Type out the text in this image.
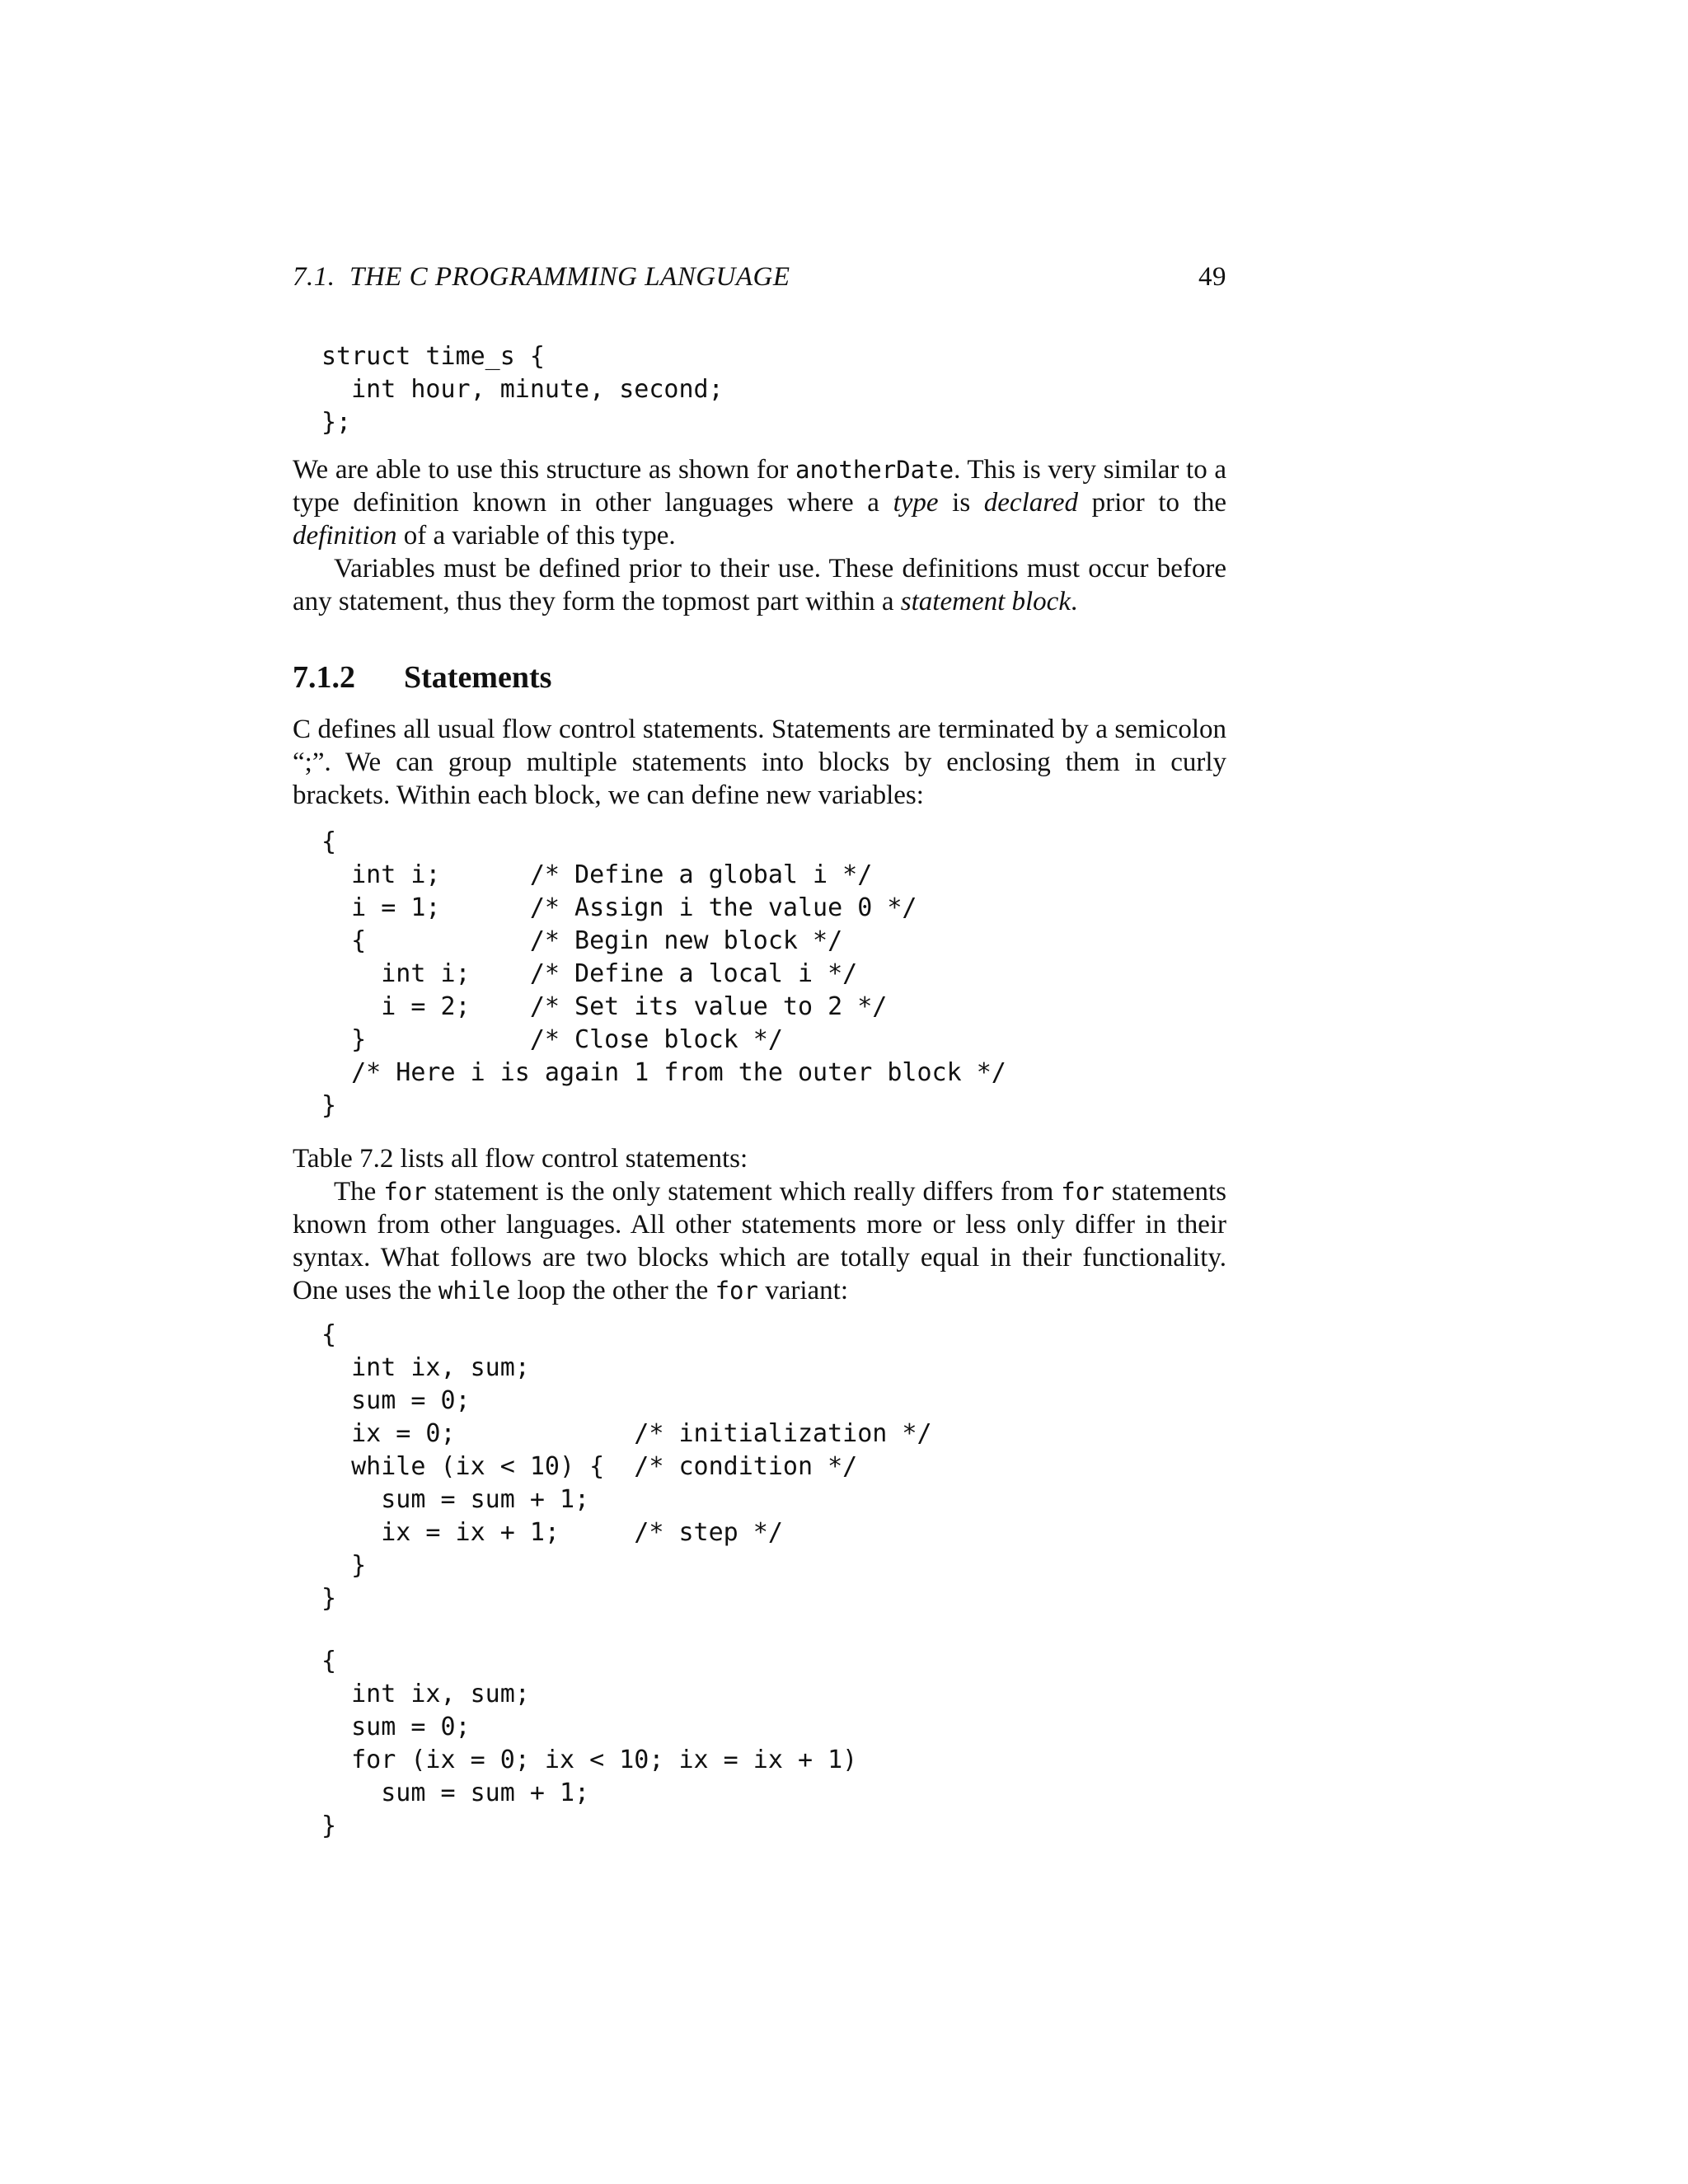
7.1.  THE C PROGRAMMING LANGUAGE	49
struct time_s {
int hour, minute, second;
};

We are able to use this structure as shown for anotherDate. This is very similar to a type definition known in other languages where a type is declared prior to the definition of a variable of this type.

Variables must be defined prior to their use. These definitions must occur before any statement, thus they form the topmost part within a statement block.

7.1.2 Statements

C defines all usual flow control statements. Statements are terminated by a semicolon “;”. We can group multiple statements into blocks by enclosing them in curly brackets. Within each block, we can define new variables:

{
int i;      /* Define a global i */
i = 1;      /* Assign i the value 0 */
{           /* Begin new block */
int i;    /* Define a local i */
i = 2;    /* Set its value to 2 */
}           /* Close block */
/* Here i is again 1 from the outer block */
}

Table 7.2 lists all flow control statements:

The for statement is the only statement which really differs from for statements known from other languages. All other statements more or less only differ in their syntax. What follows are two blocks which are totally equal in their functionality. One uses the while loop the other the for variant:

{
int ix, sum;
sum = 0;
ix = 0;            /* initialization */
while (ix < 10) {  /* condition */
sum = sum + 1;
ix = ix + 1;     /* step */
}
}
{
int ix, sum;
sum = 0;
for (ix = 0; ix < 10; ix = ix + 1)
sum = sum + 1;
}
